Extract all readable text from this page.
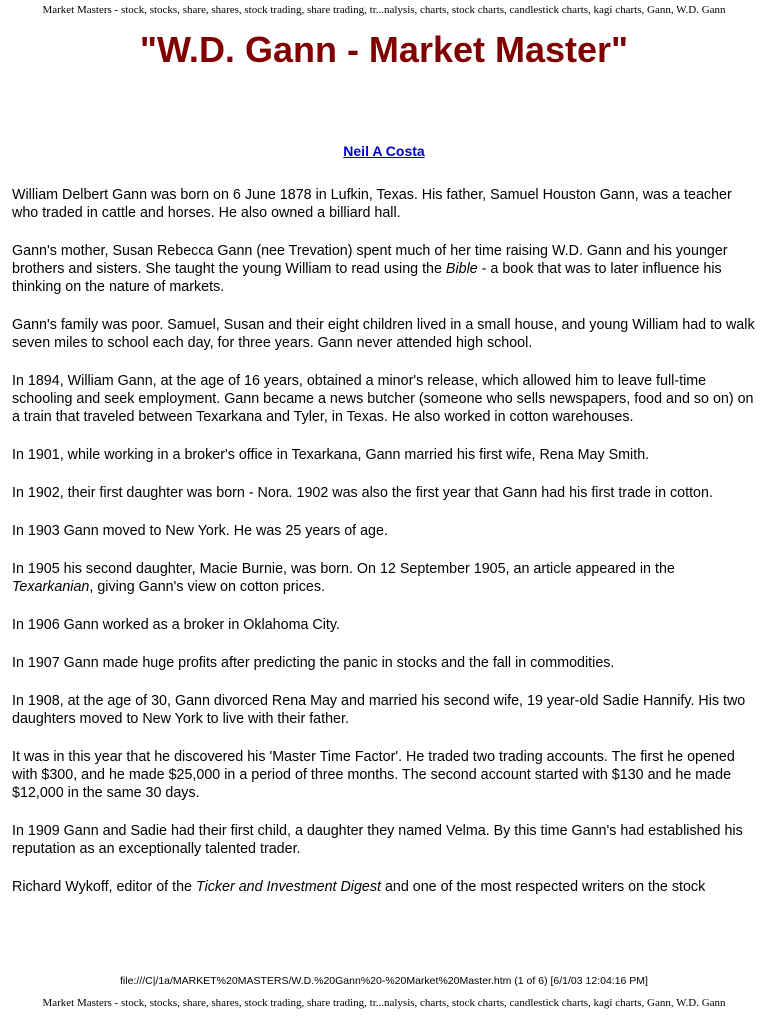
Market Masters - stock, stocks, share, shares, stock trading, share trading, tr...nalysis, charts, stock charts, candlestick charts, kagi charts, Gann, W.D. Gann
"W.D. Gann - Market Master"
Neil A Costa

William Delbert Gann was born on 6 June 1878 in Lufkin, Texas. His father, Samuel Houston Gann, was a teacher who traded in cattle and horses. He also owned a billiard hall.

Gann's mother, Susan Rebecca Gann (nee Trevation) spent much of her time raising W.D. Gann and his younger brothers and sisters. She taught the young William to read using the Bible - a book that was to later influence his thinking on the nature of markets.

Gann's family was poor. Samuel, Susan and their eight children lived in a small house, and young William had to walk seven miles to school each day, for three years. Gann never attended high school.

In 1894, William Gann, at the age of 16 years, obtained a minor's release, which allowed him to leave full-time schooling and seek employment. Gann became a news butcher (someone who sells newspapers, food and so on) on a train that traveled between Texarkana and Tyler, in Texas. He also worked in cotton warehouses.

In 1901, while working in a broker's office in Texarkana, Gann married his first wife, Rena May Smith.

In 1902, their first daughter was born - Nora. 1902 was also the first year that Gann had his first trade in cotton.

In 1903 Gann moved to New York. He was 25 years of age.

In 1905 his second daughter, Macie Burnie, was born. On 12 September 1905, an article appeared in the Texarkanian, giving Gann's view on cotton prices.

In 1906 Gann worked as a broker in Oklahoma City.

In 1907 Gann made huge profits after predicting the panic in stocks and the fall in commodities.

In 1908, at the age of 30, Gann divorced Rena May and married his second wife, 19 year-old Sadie Hannify. His two daughters moved to New York to live with their father.

It was in this year that he discovered his 'Master Time Factor'. He traded two trading accounts. The first he opened with $300, and he made $25,000 in a period of three months. The second account started with $130 and he made $12,000 in the same 30 days.

In 1909 Gann and Sadie had their first child, a daughter they named Velma. By this time Gann's had established his reputation as an exceptionally talented trader.

Richard Wykoff, editor of the Ticker and Investment Digest and one of the most respected writers on the stock

file:///C|/1a/MARKET%20MASTERS/W.D.%20Gann%20-%20Market%20Master.htm (1 of 6) [6/1/03 12:04:16 PM]
Market Masters - stock, stocks, share, shares, stock trading, share trading, tr...nalysis, charts, stock charts, candlestick charts, kagi charts, Gann, W.D. Gann
